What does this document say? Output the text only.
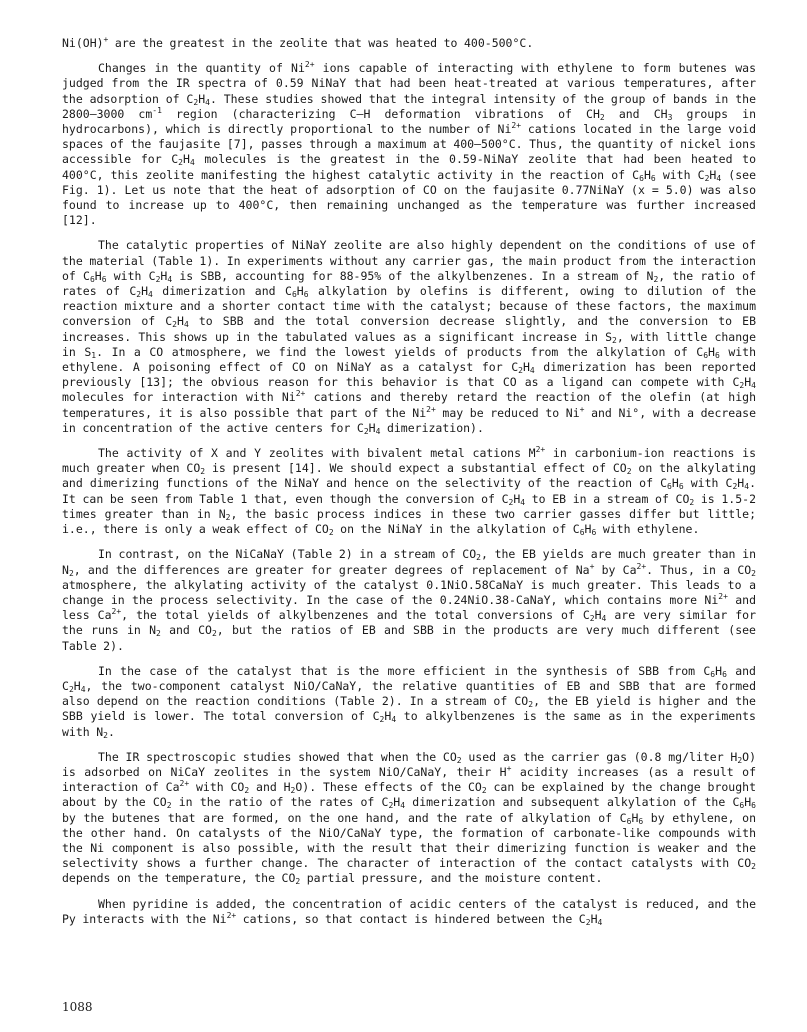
Ni(OH)+ are the greatest in the zeolite that was heated to 400-500°C.

Changes in the quantity of $Ni^{2+}$ ions capable of interacting with ethylene to form butenes was judged from the IR spectra of 0.59 NiNaY that had been heat-treated at various temperatures, after the adsorption of $C_2H_4$. These studies showed that the integral intensity of the group of bands in the 2800–3000 $cm^{-1}$ region (characterizing C–H deformation vibrations of $CH_2$ and $CH_3$ groups in hydrocarbons), which is directly proportional to the number of $Ni^{2+}$ cations located in the large void spaces of the faujasite [7], passes through a maximum at 400–500°C. Thus, the quantity of nickel ions accessible for $C_2H_4$ molecules is the greatest in the 0.59-NiNaY zeolite that had been heated to 400°C, this zeolite manifesting the highest catalytic activity in the reaction of $C_6H_6$ with $C_2H_4$ (see Fig. 1). Let us note that the heat of adsorption of CO on the faujasite 0.77NiNaY (x = 5.0) was also found to increase up to 400°C, then remaining unchanged as the temperature was further increased [12].

The catalytic properties of NiNaY zeolite are also highly dependent on the conditions of use of the material (Table 1). In experiments without any carrier gas, the main product from the interaction of $C_6H_6$ with $C_2H_4$ is SBB, accounting for 88-95% of the alkylbenzenes. In a stream of $N_2$, the ratio of rates of $C_2H_4$ dimerization and $C_6H_6$ alkylation by olefins is different, owing to dilution of the reaction mixture and a shorter contact time with the catalyst; because of these factors, the maximum conversion of $C_2H_4$ to SBB and the total conversion decrease slightly, and the conversion to EB increases. This shows up in the tabulated values as a significant increase in $S_2$, with little change in $S_1$. In a CO atmosphere, we find the lowest yields of products from the alkylation of $C_6H_6$ with ethylene. A poisoning effect of CO on NiNaY as a catalyst for $C_2H_4$ dimerization has been reported previously [13]; the obvious reason for this behavior is that CO as a ligand can compete with $C_2H_4$ molecules for interaction with $Ni^{2+}$ cations and thereby retard the reaction of the olefin (at high temperatures, it is also possible that part of the $Ni^{2+}$ may be reduced to Ni+ and Ni°, with a decrease in concentration of the active centers for $C_2H_4$ dimerization).

The activity of X and Y zeolites with bivalent metal cations $M^{2+}$ in carbonium-ion reactions is much greater when $CO_2$ is present [14]. We should expect a substantial effect of $CO_2$ on the alkylating and dimerizing functions of the NiNaY and hence on the selectivity of the reaction of $C_6H_6$ with $C_2H_4$. It can be seen from Table 1 that, even though the conversion of $C_2H_4$ to EB in a stream of $CO_2$ is 1.5-2 times greater than in $N_2$, the basic process indices in these two carrier gasses differ but little; i.e., there is only a weak effect of $CO_2$ on the NiNaY in the alkylation of $C_6H_6$ with ethylene.

In contrast, on the NiCaNaY (Table 2) in a stream of $CO_2$, the EB yields are much greater than in $N_2$, and the differences are greater for greater degrees of replacement of Na+ by $Ca^{2+}$. Thus, in a $CO_2$ atmosphere, the alkylating activity of the catalyst 0.1NiO.58CaNaY is much greater. This leads to a change in the process selectivity. In the case of the 0.24NiO.38-CaNaY, which contains more $Ni^{2+}$ and less $Ca^{2+}$, the total yields of alkylbenzenes and the total conversions of $C_2H_4$ are very similar for the runs in $N_2$ and $CO_2$, but the ratios of EB and SBB in the products are very much different (see Table 2).

In the case of the catalyst that is the more efficient in the synthesis of SBB from $C_6H_6$ and $C_2H_4$, the two-component catalyst NiO/CaNaY, the relative quantities of EB and SBB that are formed also depend on the reaction conditions (Table 2). In a stream of $CO_2$, the EB yield is higher and the SBB yield is lower. The total conversion of $C_2H_4$ to alkylbenzenes is the same as in the experiments with $N_2$.

The IR spectroscopic studies showed that when the $CO_2$ used as the carrier gas (0.8 mg/liter $H_2O$) is adsorbed on NiCaY zeolites in the system NiO/CaNaY, their H+ acidity increases (as a result of interaction of $Ca^{2+}$ with $CO_2$ and $H_2O$). These effects of the $CO_2$ can be explained by the change brought about by the $CO_2$ in the ratio of the rates of $C_2H_4$ dimerization and subsequent alkylation of the $C_6H_6$ by the butenes that are formed, on the one hand, and the rate of alkylation of $C_6H_6$ by ethylene, on the other hand. On catalysts of the NiO/CaNaY type, the formation of carbonate-like compounds with the Ni component is also possible, with the result that their dimerizing function is weaker and the selectivity shows a further change. The character of interaction of the contact catalysts with $CO_2$ depends on the temperature, the $CO_2$ partial pressure, and the moisture content.

When pyridine is added, the concentration of acidic centers of the catalyst is reduced, and the Py interacts with the $Ni^{2+}$ cations, so that contact is hindered between the $C_2H_4$

1088
